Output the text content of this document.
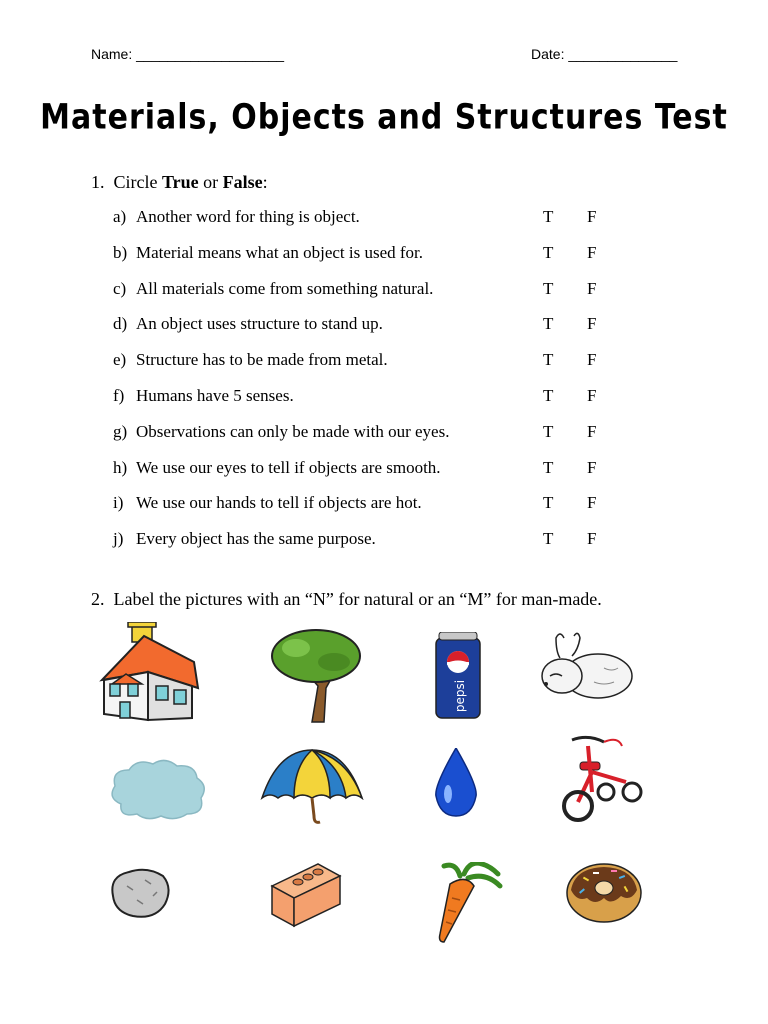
Name: ___________________	Date: ______________
Materials, Objects and Structures Test
1. Circle True or False:
a) Another word for thing is object.	T F
b) Material means what an object is used for.	T F
c) All materials come from something natural.	T F
d) An object uses structure to stand up.	T F
e) Structure has to be made from metal.	T F
f) Humans have 5 senses.	T F
g) Observations can only be made with our eyes.	T F
h) We use our eyes to tell if objects are smooth.	T F
i) We use our hands to tell if objects are hot.	T F
j) Every object has the same purpose.	T F
2. Label the pictures with an “N” for natural or an “M” for man-made.
pepsi
